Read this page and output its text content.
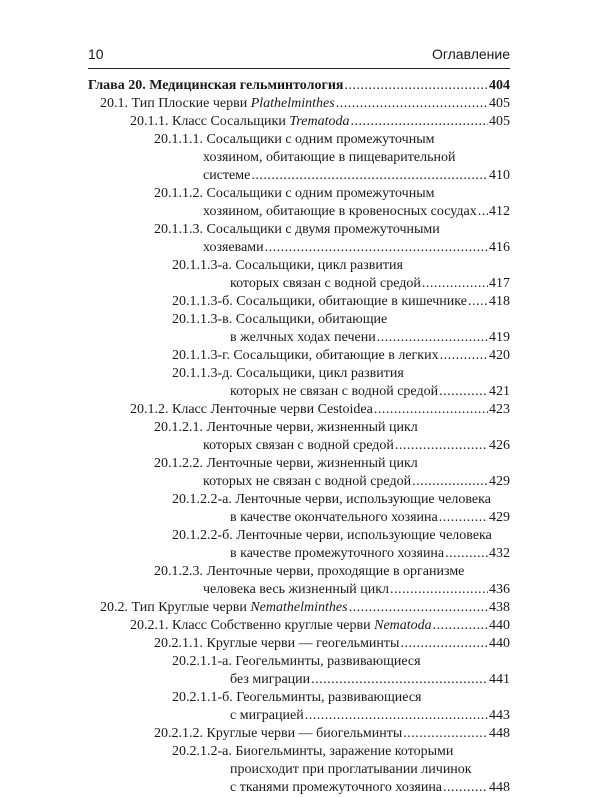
10	Оглавление
Глава 20. Медицинская гельминтология .....	404
20.1. Тип Плоские черви Plathelminthes .....	405
20.1.1. Класс Сосальщики Trematoda .....	405
20.1.1.1. Сосальщики с одним промежуточным
хозяином, обитающие в пищеварительной
системе .....	410
20.1.1.2. Сосальщики с одним промежуточным
хозяином, обитающие в кровеносных сосудах ..... 412
20.1.1.3. Сосальщики с двумя промежуточными
хозяевами .....	416
20.1.1.3-а. Сосальщики, цикл развития
которых связан с водной средой .....	417
20.1.1.3-б. Сосальщики, обитающие в кишечнике ..... 418
20.1.1.3-в. Сосальщики, обитающие
в желчных ходах печени .....	419
20.1.1.3-г. Сосальщики, обитающие в легких .....	420
20.1.1.3-д. Сосальщики, цикл развития
которых не связан с водной средой .....	421
20.1.2. Класс Ленточные черви Cestoidea .....	423
20.1.2.1. Ленточные черви, жизненный цикл
которых связан с водной средой .....	426
20.1.2.2. Ленточные черви, жизненный цикл
которых не связан с водной средой .....	429
20.1.2.2-а. Ленточные черви, использующие человека
в качестве окончательного хозяина .....	429
20.1.2.2-б. Ленточные черви, использующие человека
в качестве промежуточного хозяина .....	432
20.1.2.3. Ленточные черви, проходящие в организме
человека весь жизненный цикл .....	436
20.2. Тип Круглые черви Nemathelminthes .....	438
20.2.1. Класс Собственно круглые черви Nematoda .....	440
20.2.1.1. Круглые черви — геогельминты .....	440
20.2.1.1-а. Геогельминты, развивающиеся
без миграции .....	441
20.2.1.1-б. Геогельминты, развивающиеся
с миграцией .....	443
20.2.1.2. Круглые черви — биогельминты .....	448
20.2.1.2-а. Биогельминты, заражение которыми
происходит при проглатывании личинок
с тканями промежуточного хозяина .....	448
